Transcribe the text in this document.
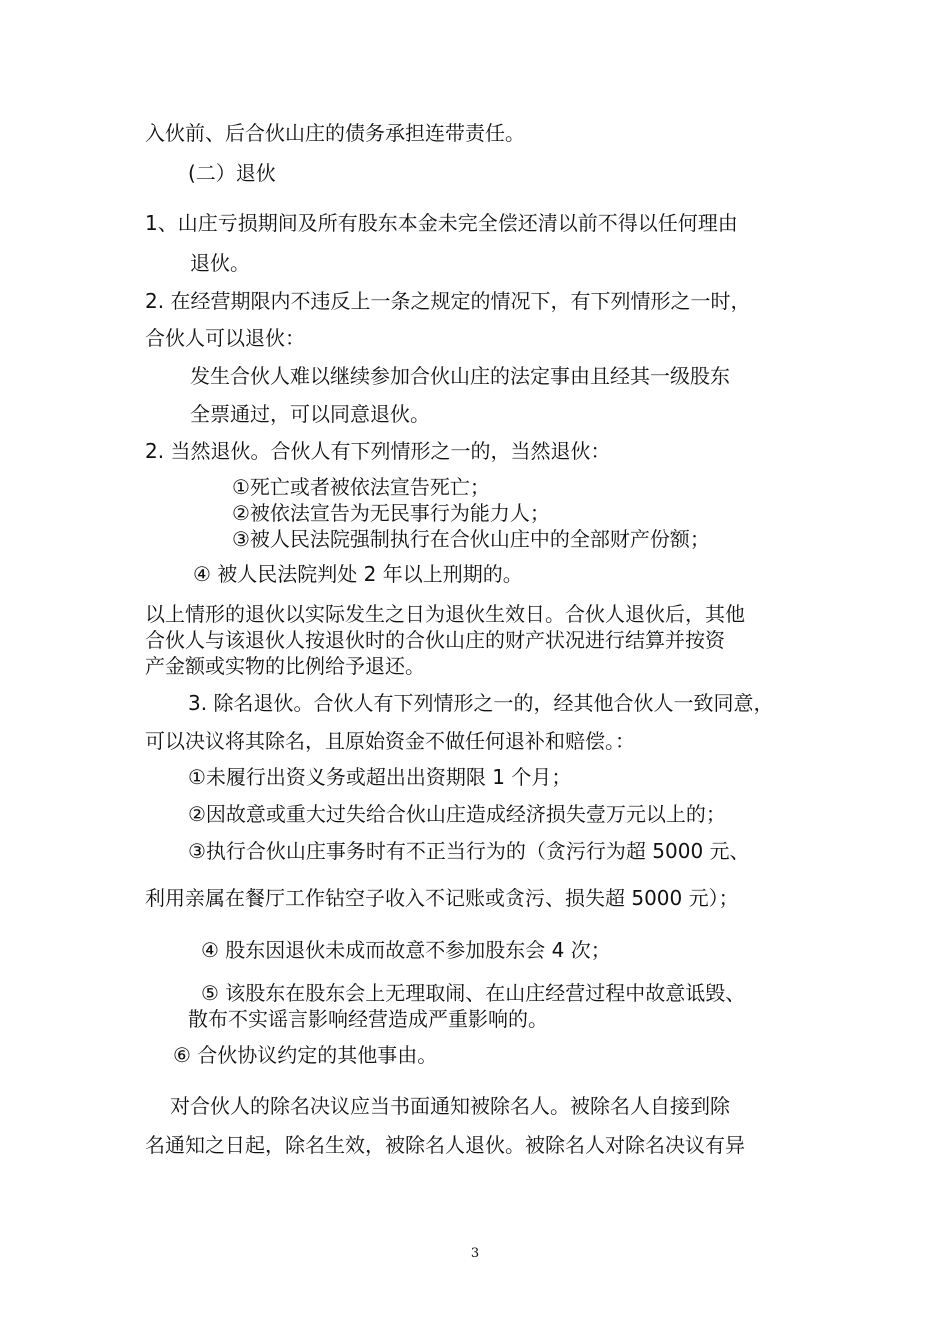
入伙前、后合伙山庄的债务承担连带责任。
(二）退伙
1、山庄亏损期间及所有股东本金未完全偿还清以前不得以任何理由
退伙。
2. 在经营期限内不违反上一条之规定的情况下，有下列情形之一时，
合伙人可以退伙：
发生合伙人难以继续参加合伙山庄的法定事由且经其一级股东
全票通过，可以同意退伙。
2. 当然退伙。合伙人有下列情形之一的，当然退伙：
①死亡或者被依法宣告死亡；
②被依法宣告为无民事行为能力人；
③被人民法院强制执行在合伙山庄中的全部财产份额；
④ 被人民法院判处 2 年以上刑期的。
以上情形的退伙以实际发生之日为退伙生效日。合伙人退伙后，其他
合伙人与该退伙人按退伙时的合伙山庄的财产状况进行结算并按资
产金额或实物的比例给予退还。
3. 除名退伙。合伙人有下列情形之一的，经其他合伙人一致同意，
可以决议将其除名，且原始资金不做任何退补和赔偿。：
①未履行出资义务或超出出资期限 1 个月；
②因故意或重大过失给合伙山庄造成经济损失壹万元以上的；
③执行合伙山庄事务时有不正当行为的（贪污行为超 5000 元、
利用亲属在餐厅工作钻空子收入不记账或贪污、损失超 5000 元）；
④ 股东因退伙未成而故意不参加股东会 4 次；
⑤ 该股东在股东会上无理取闹、在山庄经营过程中故意诋毁、
散布不实谣言影响经营造成严重影响的。
⑥ 合伙协议约定的其他事由。
对合伙人的除名决议应当书面通知被除名人。被除名人自接到除
名通知之日起，除名生效，被除名人退伙。被除名人对除名决议有异
3
